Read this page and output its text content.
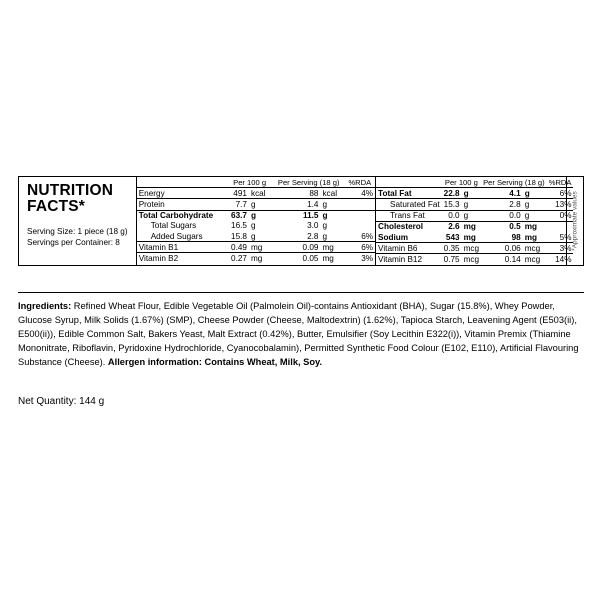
NUTRITION
FACTS*
Serving Size: 1 piece (18 g)
Servings per Container: 8
	Per 100 g		Per Serving (18 g)		%RDA
Energy	491	kcal	88	kcal	4%
Protein	7.7	g	1.4	g	
Total Carbohydrate	63.7	g	11.5	g	
Total Sugars	16.5	g	3.0	g	
Added Sugars	15.8	g	2.8	g	6%
Vitamin B1	0.49	mg	0.09	mg	6%
Vitamin B2	0.27	mg	0.05	mg	3%
	Per 100 g		Per Serving (18 g)		%RDA
Total Fat	22.8	g	4.1	g	6%
Saturated Fat	15.3	g	2.8	g	13%
Trans Fat	0.0	g	0.0	g	0%
Cholesterol	2.6	mg	0.5	mg	
Sodium	543	mg	98	mg	5%
Vitamin B6	0.35	mcg	0.06	mcg	3%
Vitamin B12	0.75	mcg	0.14	mcg	14%
*Approximate values
Ingredients: Refined Wheat Flour, Edible Vegetable Oil (Palmolein Oil)-contains Antioxidant (BHA), Sugar (15.8%), Whey Powder, Glucose Syrup, Milk Solids (1.67%) (SMP), Cheese Powder (Cheese, Maltodextrin) (1.62%), Tapioca Starch, Leavening Agent (E503(ii), E500(ii)), Edible Common Salt, Bakers Yeast, Malt Extract (0.42%), Butter, Emulsifier (Soy Lecithin E322(i)), Vitamin Premix (Thiamine Mononitrate, Riboflavin, Pyridoxine Hydrochloride, Cyanocobalamin), Permitted Synthetic Food Colour (E102, E110), Artificial Flavouring Substance (Cheese). Allergen information: Contains Wheat, Milk, Soy.
Net Quantity: 144 g
